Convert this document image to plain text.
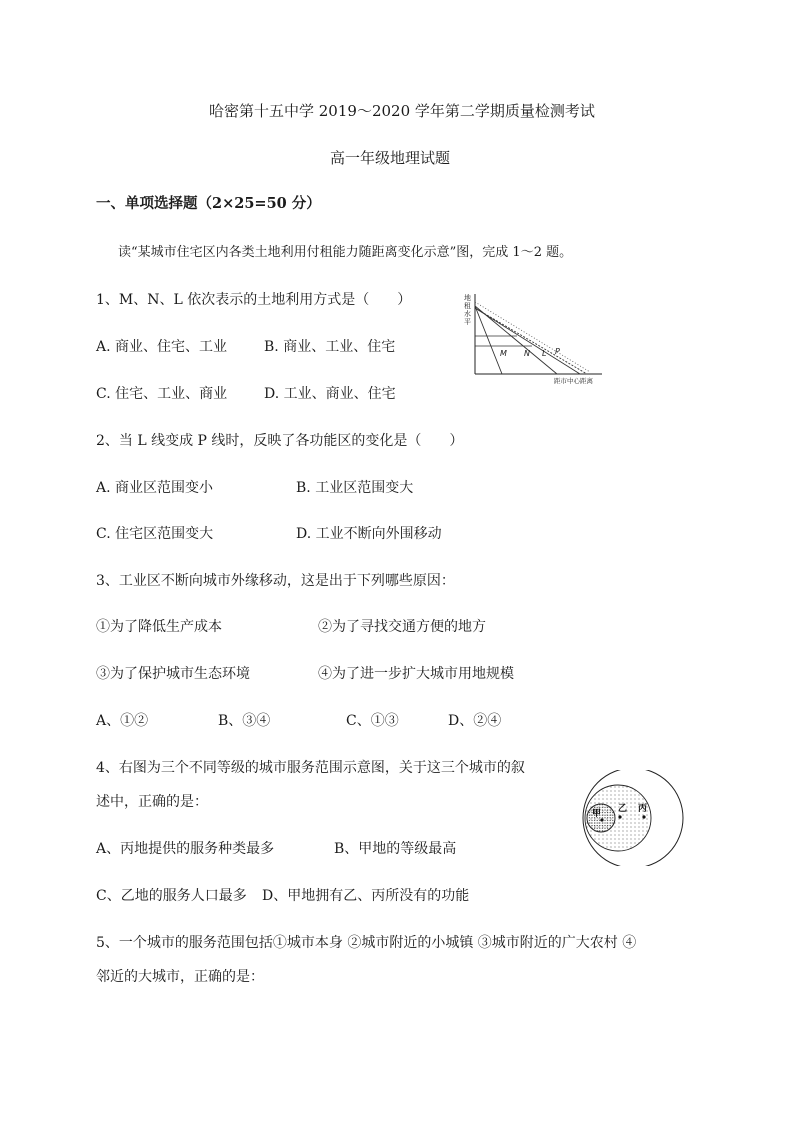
哈密第十五中学 2019～2020 学年第二学期质量检测考试
高一年级地理试题
一、单项选择题（2×25=50 分）
读“某城市住宅区内各类土地利用付租能力随距离变化示意”图，完成 1～2 题。
1、M、N、L 依次表示的土地利用方式是（　　）
A. 商业、住宅、工业	B. 商业、工业、住宅
C. 住宅、工业、商业	D. 工业、商业、住宅
地
租
水
平
M N L P
距市中心距离
2、当 L 线变成 P 线时，反映了各功能区的变化是（　　）
A. 商业区范围变小	B. 工业区范围变大
C. 住宅区范围变大	D. 工业不断向外围移动
3、工业区不断向城市外缘移动，这是出于下列哪些原因：
①为了降低生产成本	②为了寻找交通方便的地方
③为了保护城市生态环境	④为了进一步扩大城市用地规模
A、①②	B、③④	C、①③	D、②④
4、右图为三个不同等级的城市服务范围示意图，关于这三个城市的叙
述中，正确的是：
A、丙地提供的服务种类最多	B、甲地的等级最高
C、乙地的服务人口最多 D、甲地拥有乙、丙所没有的功能
甲 乙 丙
5、一个城市的服务范围包括①城市本身 ②城市附近的小城镇 ③城市附近的广大农村 ④
邻近的大城市，正确的是：
